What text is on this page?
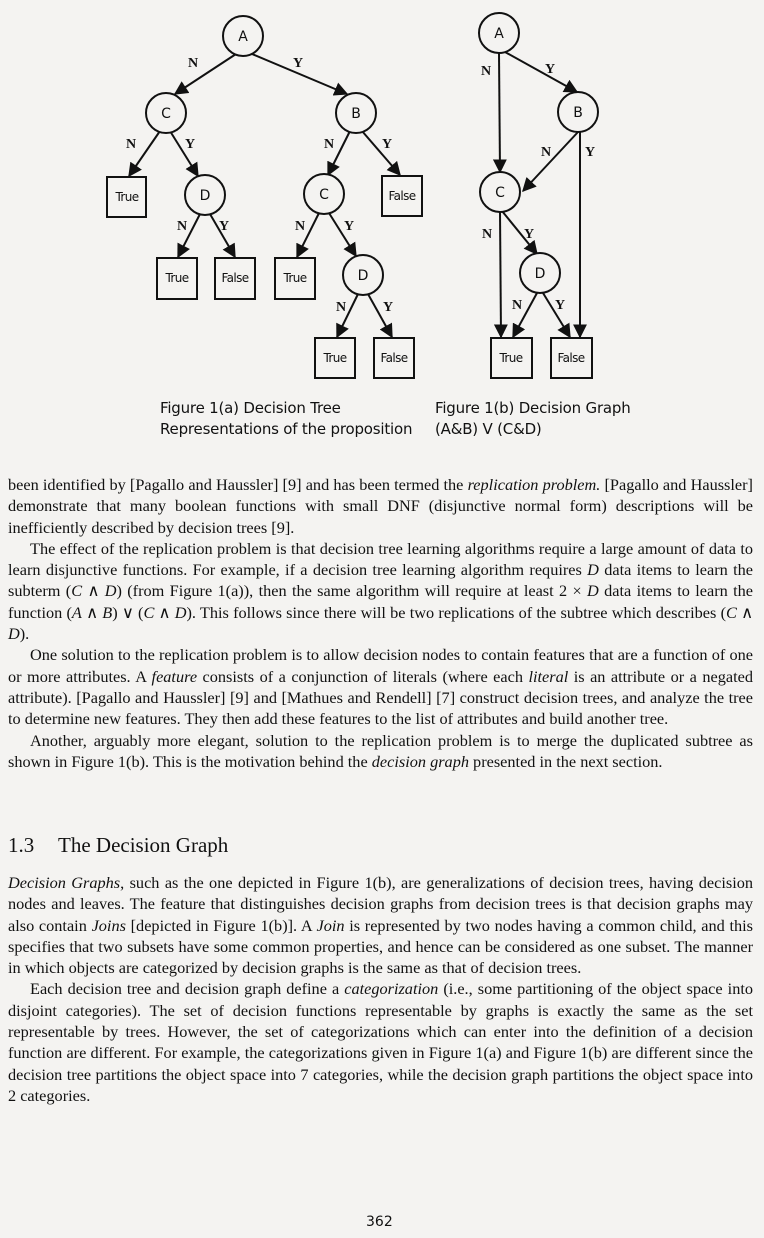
A
C	B
D	C
D
True	False
True	False	True
True	False
N	Y
N	Y	N	Y
N Y	N	Y
N	Y
A
B
C
D
True	False
N	Y
N Y
N Y
N Y
Figure 1(a) Decision Tree
Representations of the proposition
Figure 1(b) Decision Graph
(A&B) V (C&D)

been identified by [Pagallo and Haussler] [9] and has been termed the replication problem. [Pagallo and Haussler] demonstrate that many boolean functions with small DNF (disjunctive normal form) descriptions will be inefficiently described by decision trees [9].

The effect of the replication problem is that decision tree learning algorithms require a large amount of data to learn disjunctive functions. For example, if a decision tree learning algorithm requires D data items to learn the subterm (C ∧ D) (from Figure 1(a)), then the same algorithm will require at least 2 × D data items to learn the function (A ∧ B) ∨ (C ∧ D). This follows since there will be two replications of the subtree which describes (C ∧ D).

One solution to the replication problem is to allow decision nodes to contain features that are a function of one or more attributes. A feature consists of a conjunction of literals (where each literal is an attribute or a negated attribute). [Pagallo and Haussler] [9] and [Mathues and Rendell] [7] construct decision trees, and analyze the tree to determine new features. They then add these features to the list of attributes and build another tree.

Another, arguably more elegant, solution to the replication problem is to merge the duplicated subtree as shown in Figure 1(b). This is the motivation behind the decision graph presented in the next section.

1.3 The Decision Graph

Decision Graphs, such as the one depicted in Figure 1(b), are generalizations of decision trees, having decision nodes and leaves. The feature that distinguishes decision graphs from decision trees is that decision graphs may also contain Joins [depicted in Figure 1(b)]. A Join is represented by two nodes having a common child, and this specifies that two subsets have some common properties, and hence can be considered as one subset. The manner in which objects are categorized by decision graphs is the same as that of decision trees.

Each decision tree and decision graph define a categorization (i.e., some partitioning of the object space into disjoint categories). The set of decision functions representable by graphs is exactly the same as the set representable by trees. However, the set of categorizations which can enter into the definition of a decision function are different. For example, the categorizations given in Figure 1(a) and Figure 1(b) are different since the decision tree partitions the object space into 7 categories, while the decision graph partitions the object space into 2 categories.

362
